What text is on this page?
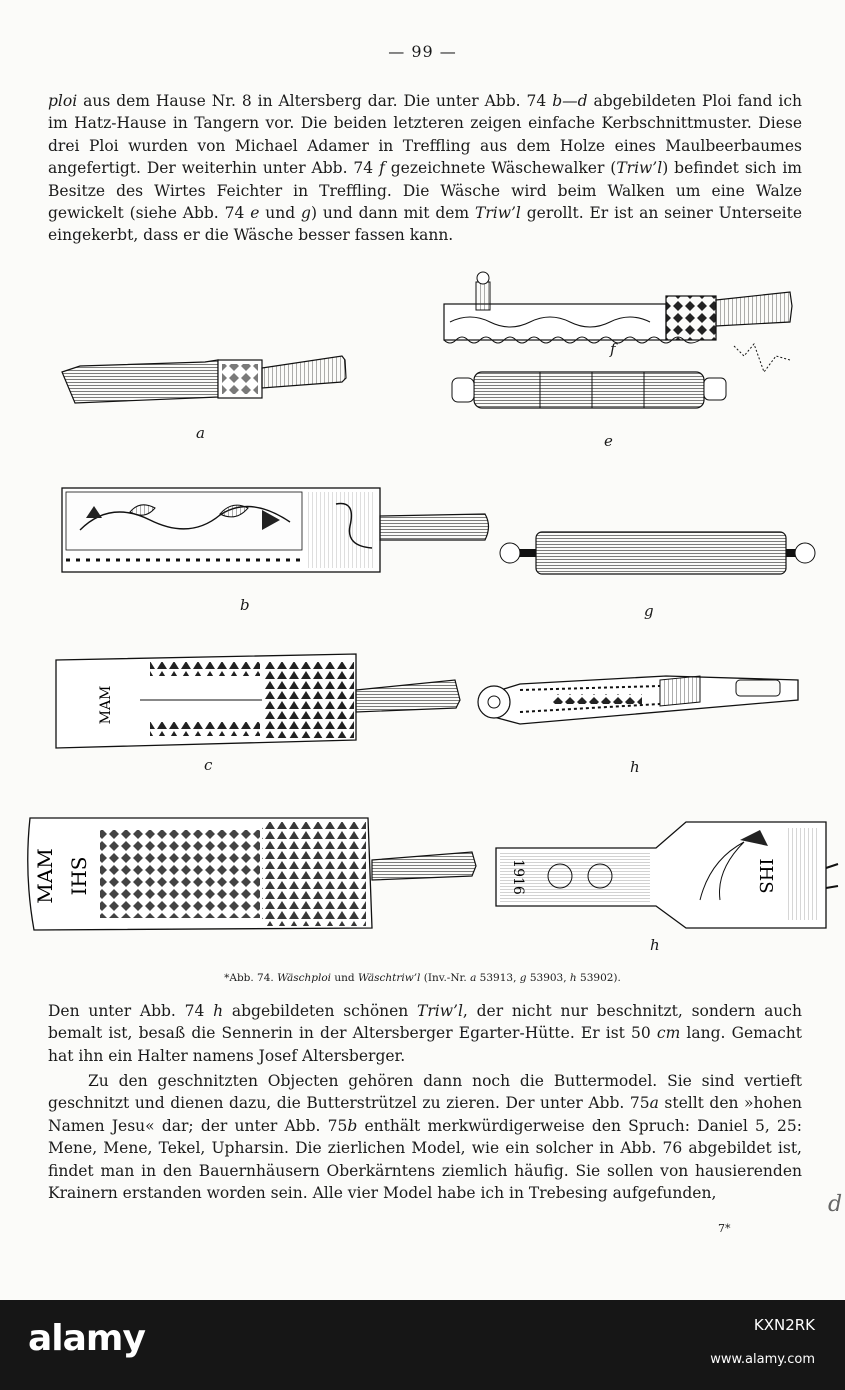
— 99 —

ploi aus dem Hause Nr. 8 in Altersberg dar. Die unter Abb. 74 b—d abgebildeten Ploi fand ich im Hatz-Hause in Tangern vor. Die beiden letzteren zeigen einfache Kerbschnittmuster. Diese drei Ploi wurden von Michael Adamer in Treffling aus dem Holze eines Maulbeerbaumes angefertigt. Der weiterhin unter Abb. 74 f gezeichnete Wäschewalker (Triw’l) befindet sich im Besitze des Wirtes Feichter in Treffling. Die Wäsche wird beim Walken um eine Walze gewickelt (siehe Abb. 74 e und g) und dann mit dem Triw’l gerollt. Er ist an seiner Unterseite eingekerbt, dass er die Wäsche besser fassen kann.

MAM
MAM IHS	1916	IHS
a	e
f
b	g
c	h
h
*Abb. 74. Wäschploi und Wäschtriw’l (Inv.-Nr. a 53913, g 53903, h 53902).

Den unter Abb. 74 h abgebildeten schönen Triw’l, der nicht nur beschnitzt, sondern auch bemalt ist, besaß die Sennerin in der Altersberger Egarter-Hütte. Er ist 50 cm lang. Gemacht hat ihn ein Halter namens Josef Altersberger.

Zu den geschnitzten Objecten gehören dann noch die Buttermodel. Sie sind vertieft geschnitzt und dienen dazu, die Butterstrützel zu zieren. Der unter Abb. 75a stellt den »hohen Namen Jesu« dar; der unter Abb. 75b enthält merkwürdigerweise den Spruch: Daniel 5, 25: Mene, Mene, Tekel, Upharsin. Die zierlichen Model, wie ein solcher in Abb. 76 abgebildet ist, findet man in den Bauernhäusern Oberkärntens ziemlich häufig. Sie sollen von hausierenden Krainern erstanden worden sein. Alle vier Model habe ich in Trebesing aufgefunden,

7*
d
alamy	KXN2RK
www.alamy.com
